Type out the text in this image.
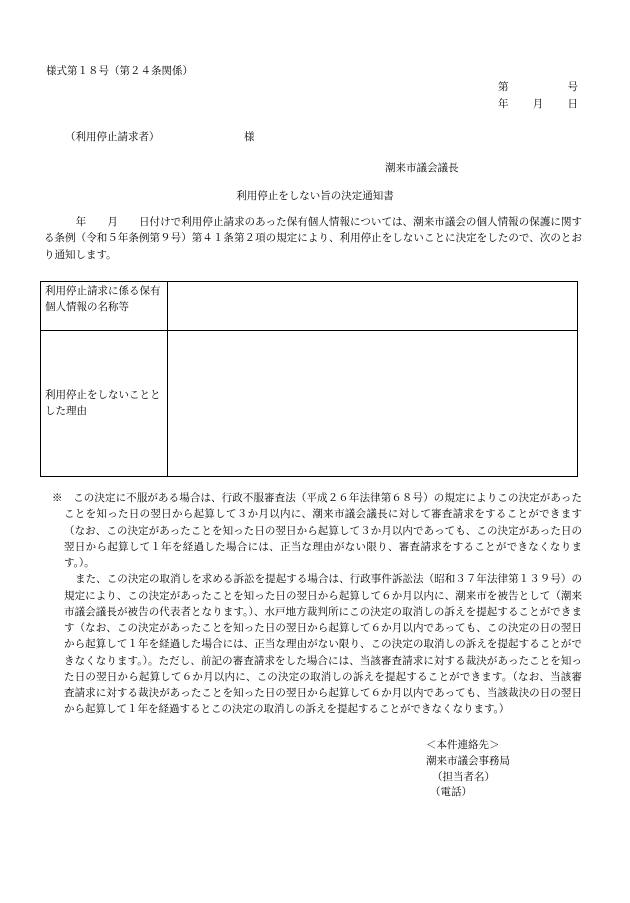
様式第１８号（第２４条関係）
第	号
年 月 日
（利用停止請求者）	様
潮来市議会議長
利用停止をしない旨の決定通知書

　　　年　　月　　日付けで利用停止請求のあった保有個人情報については、潮来市議会の個人情報の保護に関する条例（令和５年条例第９号）第４１条第２項の規定により、利用停止をしないことに決定をしたので、次のとおり通知します。

利用停止請求に係る保有個人情報の名称等	
利用停止をしないこととした理由	

※　この決定に不服がある場合は、行政不服審査法（平成２６年法律第６８号）の規定によりこの決定があったことを知った日の翌日から起算して３か月以内に、潮来市議会議長に対して審査請求をすることができます（なお、この決定があったことを知った日の翌日から起算して３か月以内であっても、この決定があった日の翌日から起算して１年を経過した場合には、正当な理由がない限り、審査請求をすることができなくなります。）。

また、この決定の取消しを求める訴訟を提起する場合は、行政事件訴訟法（昭和３７年法律第１３９号）の規定により、この決定があったことを知った日の翌日から起算して６か月以内に、潮来市を被告として（潮来市議会議長が被告の代表者となります。）、水戸地方裁判所にこの決定の取消しの訴えを提起することができます（なお、この決定があったことを知った日の翌日から起算して６か月以内であっても、この決定の日の翌日から起算して１年を経過した場合には、正当な理由がない限り、この決定の取消しの訴えを提起することができなくなります。）。ただし、前記の審査請求をした場合には、当該審査請求に対する裁決があったことを知った日の翌日から起算して６か月以内に、この決定の取消しの訴えを提起することができます。（なお、当該審査請求に対する裁決があったことを知った日の翌日から起算して６か月以内であっても、当該裁決の日の翌日から起算して１年を経過するとこの決定の取消しの訴えを提起することができなくなります。）

＜本件連絡先＞
潮来市議会事務局
（担当者名）
（電話）
